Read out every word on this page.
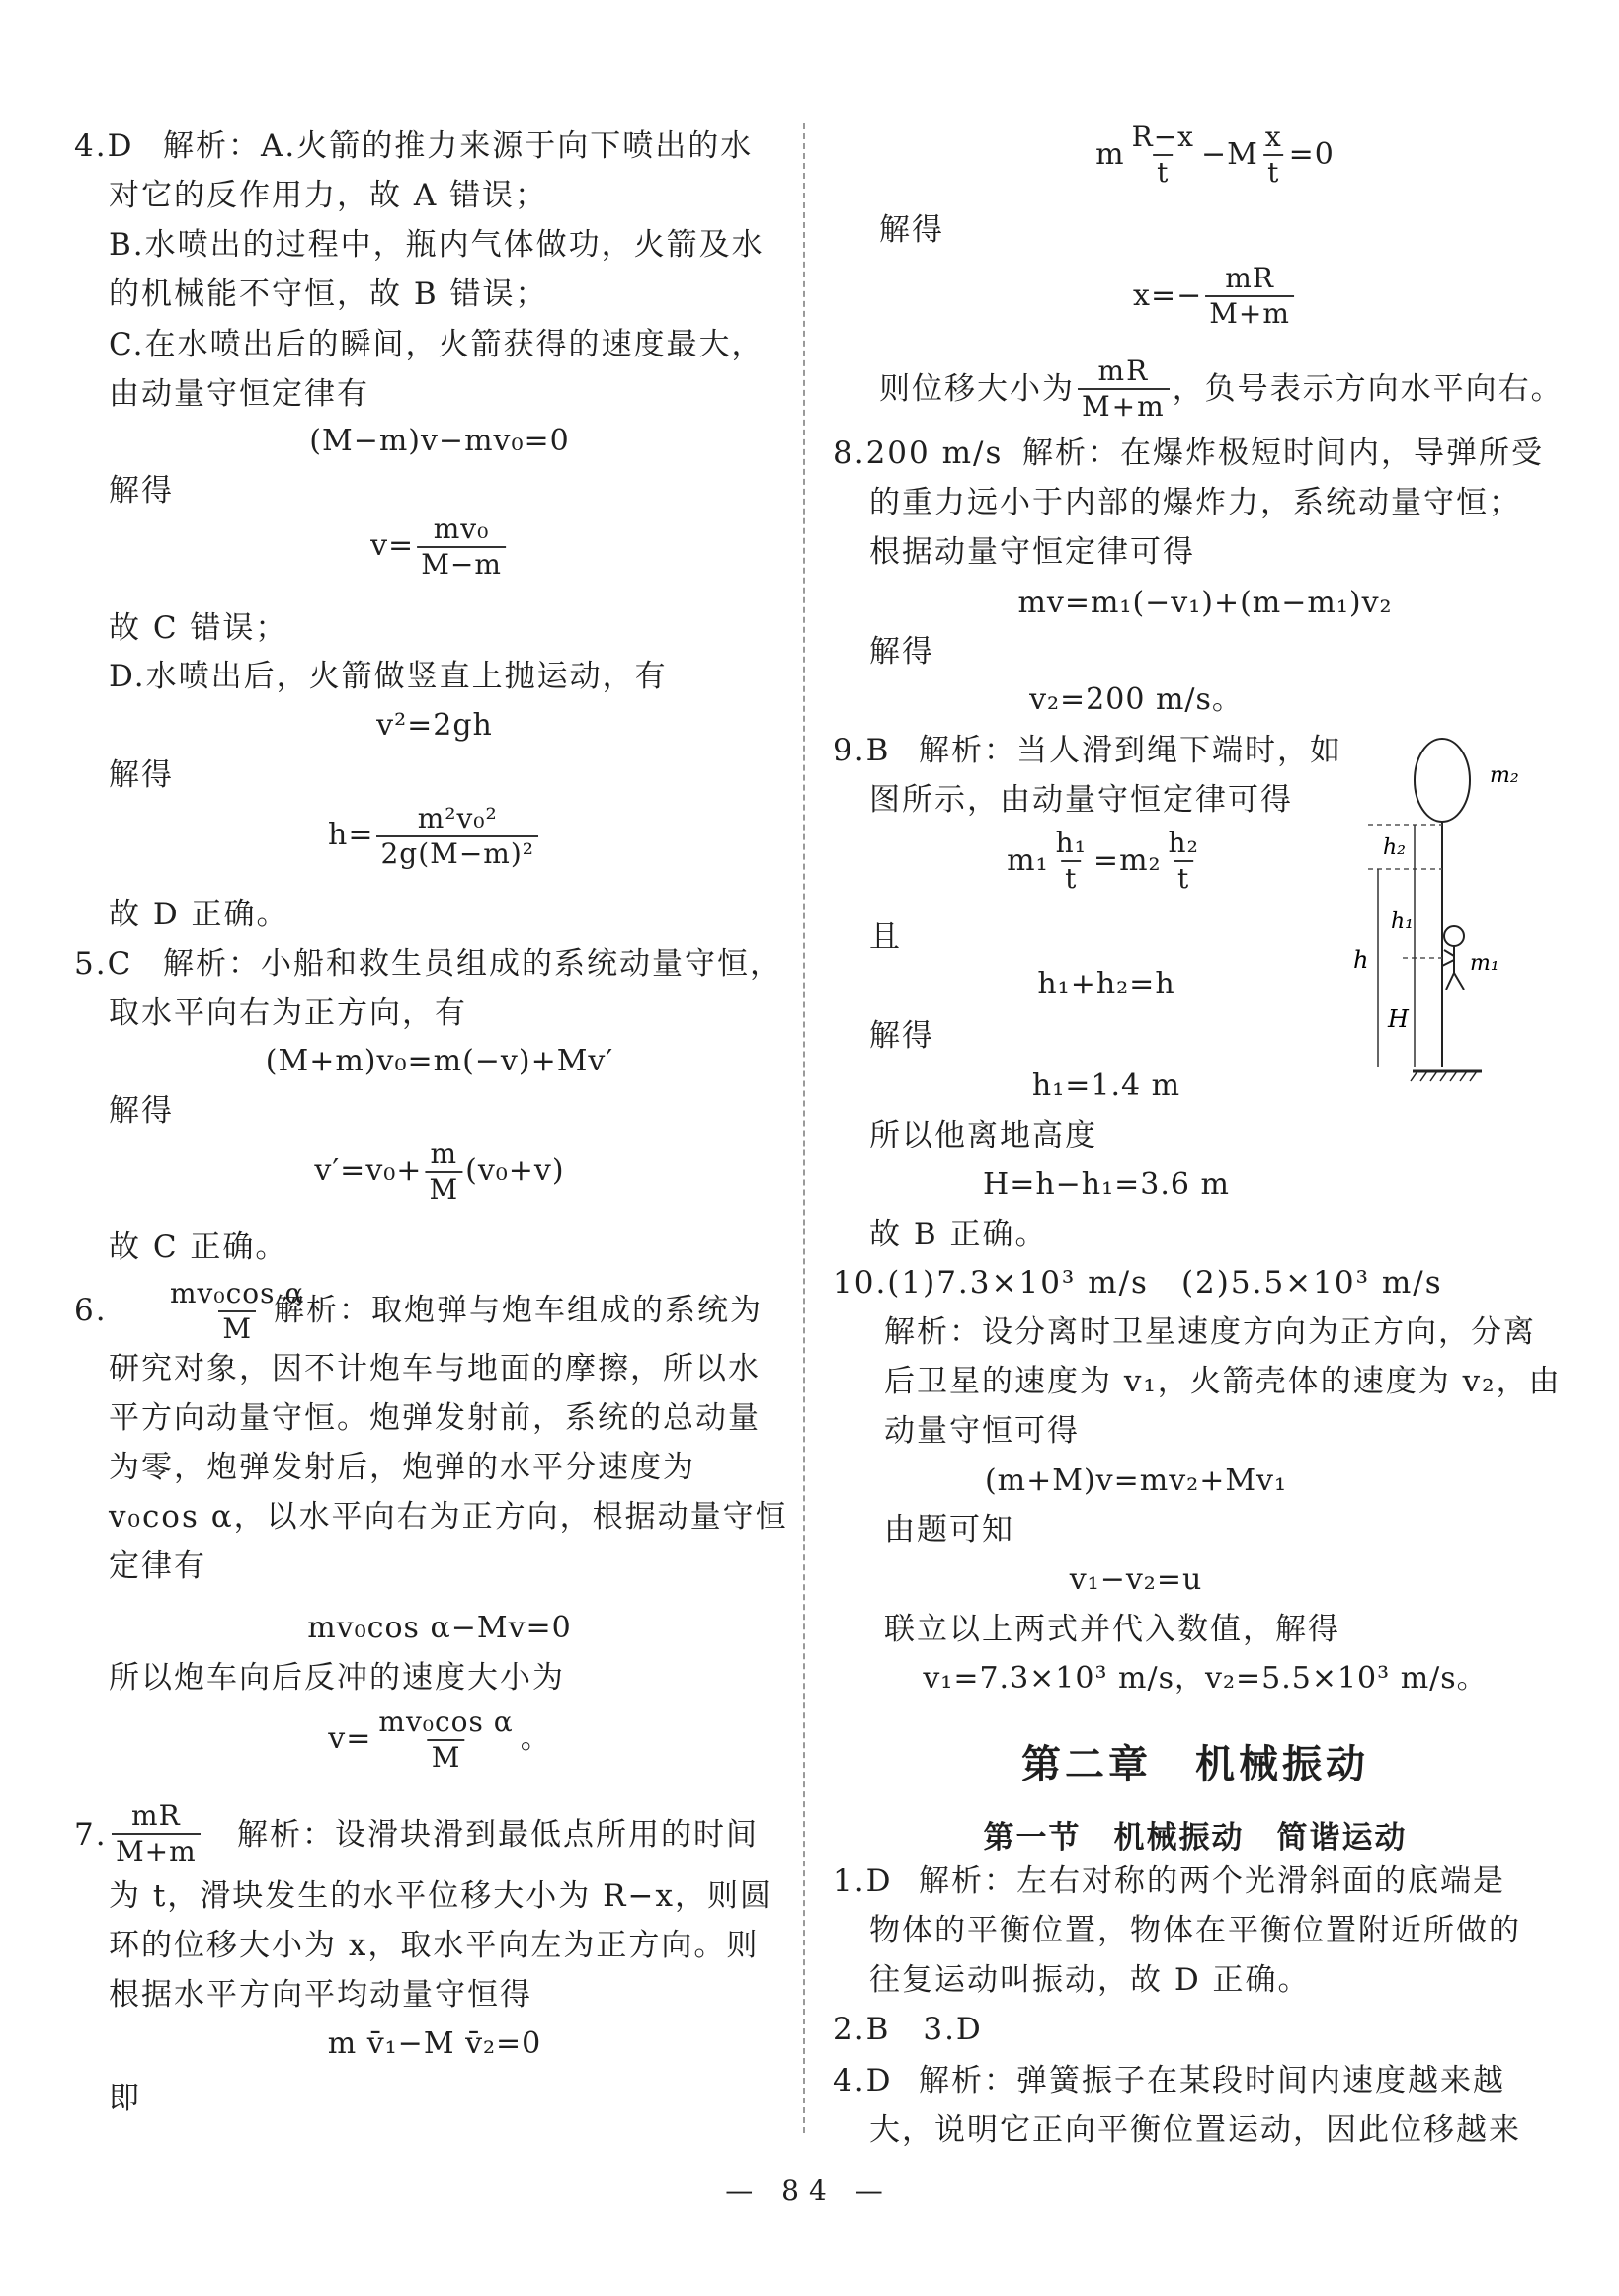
4.D 解析：A.火箭的推力来源于向下喷出的水
对它的反作用力，故 A 错误；
B.水喷出的过程中，瓶内气体做功，火箭及水
的机械能不守恒，故 B 错误；
C.在水喷出后的瞬间，火箭获得的速度最大，
由动量守恒定律有
(M−m)v−mv₀=0
解得
$v= \frac{\text{mv₀}}{M-m}$
故 C 错误；
D.水喷出后，火箭做竖直上抛运动，有
v²=2gh
解得
$h= \frac{\text{m²v₀²}}{\text{2g(M−m)²}}$
故 D 正确。
5.C 解析：小船和救生员组成的系统动量守恒，
取水平向右为正方向，有
(M+m)v₀=m(−v)+Mv′
解得
$v'=v_0+ \frac{m}{M} (v_0+v)$
故 C 正确。
6. $\frac{\text{mv₀cos α}}{M}$
解析：取炮弹与炮车组成的系统为
研究对象，因不计炮车与地面的摩擦，所以水
平方向动量守恒。炮弹发射前，系统的总动量
为零，炮弹发射后，炮弹的水平分速度为
v₀cos α，以水平向右为正方向，根据动量守恒
定律有
mv₀cos α−Mv=0
所以炮车向后反冲的速度大小为
$v= \frac{\text{mv₀cos α}}{M}$ 。
7. $\frac{mR}{M+m}$ 解析：设滑块滑到最低点所用的时间
为 t，滑块发生的水平位移大小为 R−x，则圆
环的位移大小为 x，取水平向左为正方向。则
根据水平方向平均动量守恒得
m v̄₁−M v̄₂=0
即
m $\frac{R-x}{t} -M \frac{x}{t} =0$
解得
$x=- \frac{mR}{M+m}$
则位移大小为 $\frac{mR}{M+m}$ ，负号表示方向水平向右。
8.200 m/s 解析：在爆炸极短时间内，导弹所受
的重力远小于内部的爆炸力，系统动量守恒；
根据动量守恒定律可得
mv=m₁(−v₁)+(m−m₁)v₂
解得
v₂=200 m/s。
9.B 解析：当人滑到绳下端时，如
图所示，由动量守恒定律可得
$m_1 \frac{\text{h₁}}{t} =m_2 \frac{\text{h₂}}{t}$
且
h₁+h₂=h
解得
h₁=1.4 m
所以他离地高度
H=h−h₁=3.6 m
故 B 正确。
10.(1)7.3×10³ m/s　(2)5.5×10³ m/s
解析：设分离时卫星速度方向为正方向，分离
后卫星的速度为 v₁，火箭壳体的速度为 v₂，由
动量守恒可得
(m+M)v=mv₂+Mv₁
由题可知
v₁−v₂=u
联立以上两式并代入数值，解得
v₁=7.3×10³ m/s，v₂=5.5×10³ m/s。
第二章　机械振动
第一节　机械振动　简谐运动
1.D 解析：左右对称的两个光滑斜面的底端是
物体的平衡位置，物体在平衡位置附近所做的
往复运动叫振动，故 D 正确。
2.B　3.D
4.D 解析：弹簧振子在某段时间内速度越来越
大，说明它正向平衡位置运动，因此位移越来
m₂
h₂
h₁
h	m₁
H
— 84 —
